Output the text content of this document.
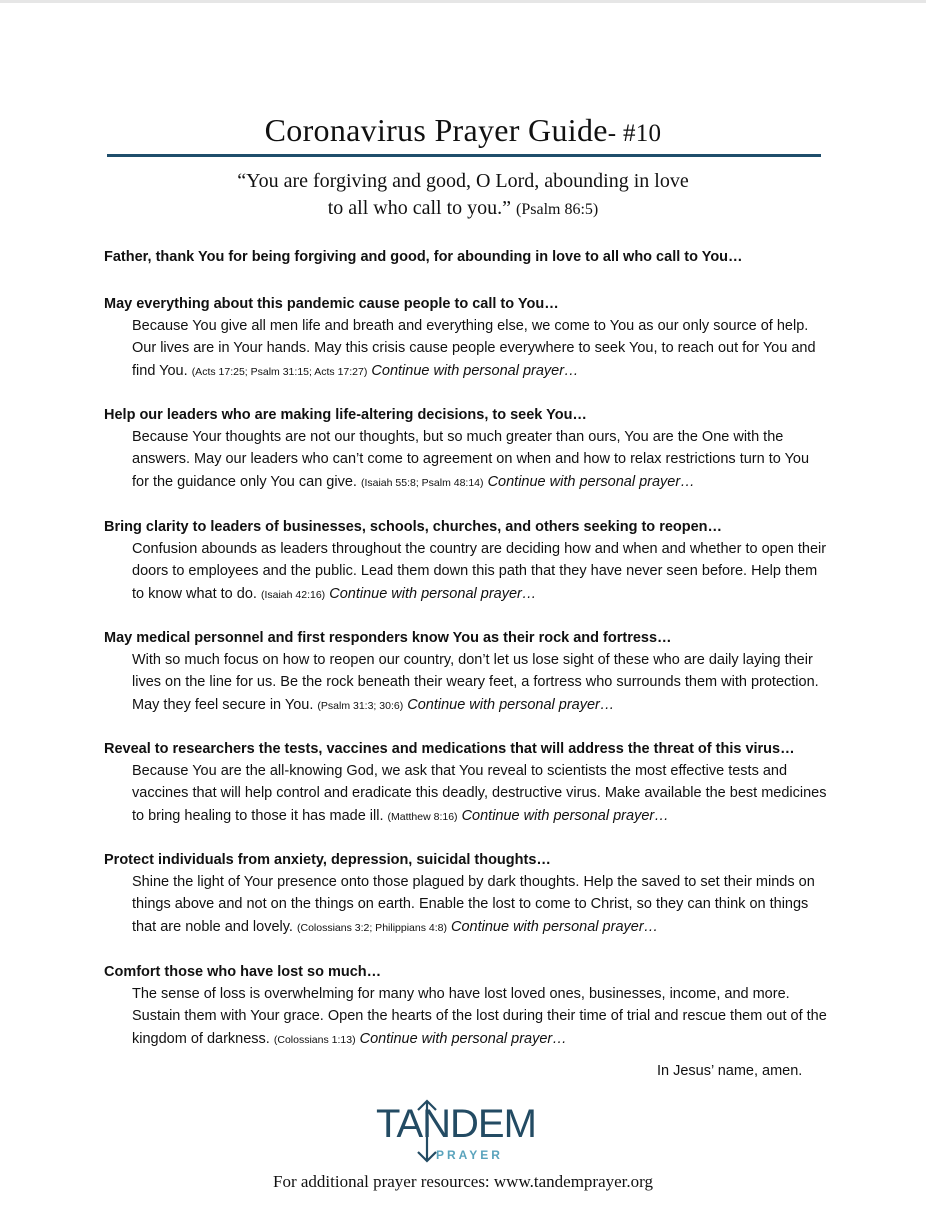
Coronavirus Prayer Guide- #10
“You are forgiving and good, O Lord, abounding in love
to all who call to you.” (Psalm 86:5)
Father, thank You for being forgiving and good, for abounding in love to all who call to You…
May everything about this pandemic cause people to call to You…
Because You give all men life and breath and everything else, we come to You as our only source of help. Our lives are in Your hands. May this crisis cause people everywhere to seek You, to reach out for You and find You. (Acts 17:25; Psalm 31:15; Acts 17:27) Continue with personal prayer…
Help our leaders who are making life-altering decisions, to seek You…
Because Your thoughts are not our thoughts, but so much greater than ours, You are the One with the answers. May our leaders who can’t come to agreement on when and how to relax restrictions turn to You for the guidance only You can give. (Isaiah 55:8; Psalm 48:14) Continue with personal prayer…
Bring clarity to leaders of businesses, schools, churches, and others seeking to reopen…
Confusion abounds as leaders throughout the country are deciding how and when and whether to open their doors to employees and the public. Lead them down this path that they have never seen before. Help them to know what to do. (Isaiah 42:16) Continue with personal prayer…
May medical personnel and first responders know You as their rock and fortress…
With so much focus on how to reopen our country, don’t let us lose sight of these who are daily laying their lives on the line for us. Be the rock beneath their weary feet, a fortress who surrounds them with protection. May they feel secure in You. (Psalm 31:3; 30:6) Continue with personal prayer…
Reveal to researchers the tests, vaccines and medications that will address the threat of this virus…
Because You are the all-knowing God, we ask that You reveal to scientists the most effective tests and vaccines that will help control and eradicate this deadly, destructive virus. Make available the best medicines to bring healing to those it has made ill. (Matthew 8:16) Continue with personal prayer…
Protect individuals from anxiety, depression, suicidal thoughts…
Shine the light of Your presence onto those plagued by dark thoughts. Help the saved to set their minds on things above and not on the things on earth. Enable the lost to come to Christ, so they can think on things that are noble and lovely. (Colossians 3:2; Philippians 4:8) Continue with personal prayer…
Comfort those who have lost so much…
The sense of loss is overwhelming for many who have lost loved ones, businesses, income, and more. Sustain them with Your grace. Open the hearts of the lost during their time of trial and rescue them out of the kingdom of darkness. (Colossians 1:13) Continue with personal prayer…
In Jesus’ name, amen.
TANDEM
PRAYER
For additional prayer resources: www.tandemprayer.org
